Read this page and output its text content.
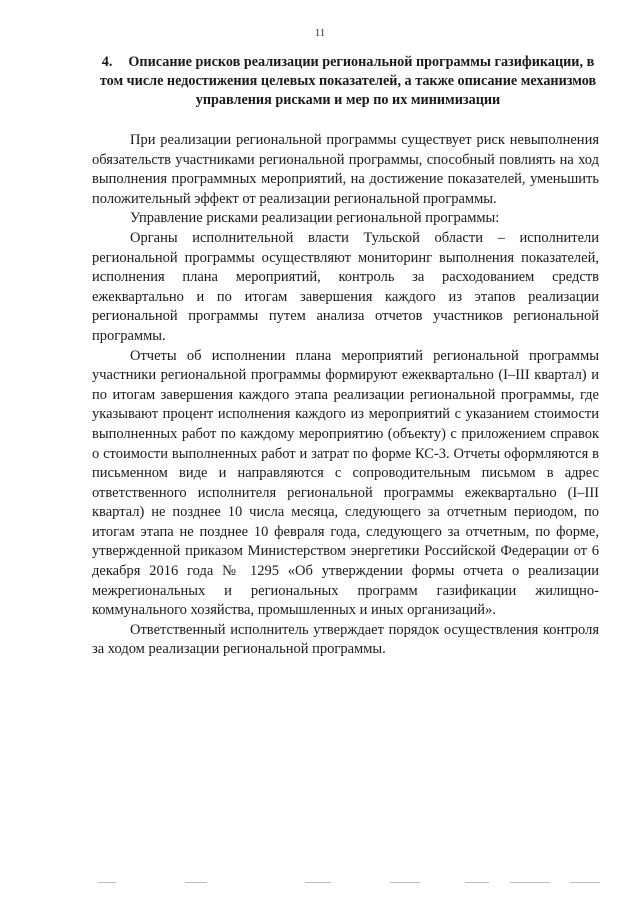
11
4. Описание рисков реализации региональной программы газификации, в том числе недостижения целевых показателей, а также описание механизмов управления рисками и мер по их минимизации

При реализации региональной программы существует риск невыполнения обязательств участниками региональной программы, способный повлиять на ход выполнения программных мероприятий, на достижение показателей, уменьшить положительный эффект от реализации региональной программы.

Управление рисками реализации региональной программы:

Органы исполнительной власти Тульской области – исполнители региональной программы осуществляют мониторинг выполнения показателей, исполнения плана мероприятий, контроль за расходованием средств ежеквартально и по итогам завершения каждого из этапов реализации региональной программы путем анализа отчетов участников региональной программы.

Отчеты об исполнении плана мероприятий региональной программы участники региональной программы формируют ежеквартально (I–III квартал) и по итогам завершения каждого этапа реализации региональной программы, где указывают процент исполнения каждого из мероприятий с указанием стоимости выполненных работ по каждому мероприятию (объекту) с приложением справок о стоимости выполненных работ и затрат по форме КС-3. Отчеты оформляются в письменном виде и направляются с сопроводительным письмом в адрес ответственного исполнителя региональной программы ежеквартально (I–III квартал) не позднее 10 числа месяца, следующего за отчетным периодом, по итогам этапа не позднее 10 февраля года, следующего за отчетным, по форме, утвержденной приказом Министерством энергетики Российской Федерации от 6 декабря 2016 года № 1295 «Об утверждении формы отчета о реализации межрегиональных и региональных программ газификации жилищно-коммунального хозяйства, промышленных и иных организаций».

Ответственный исполнитель утверждает порядок осуществления контроля за ходом реализации региональной программы.
